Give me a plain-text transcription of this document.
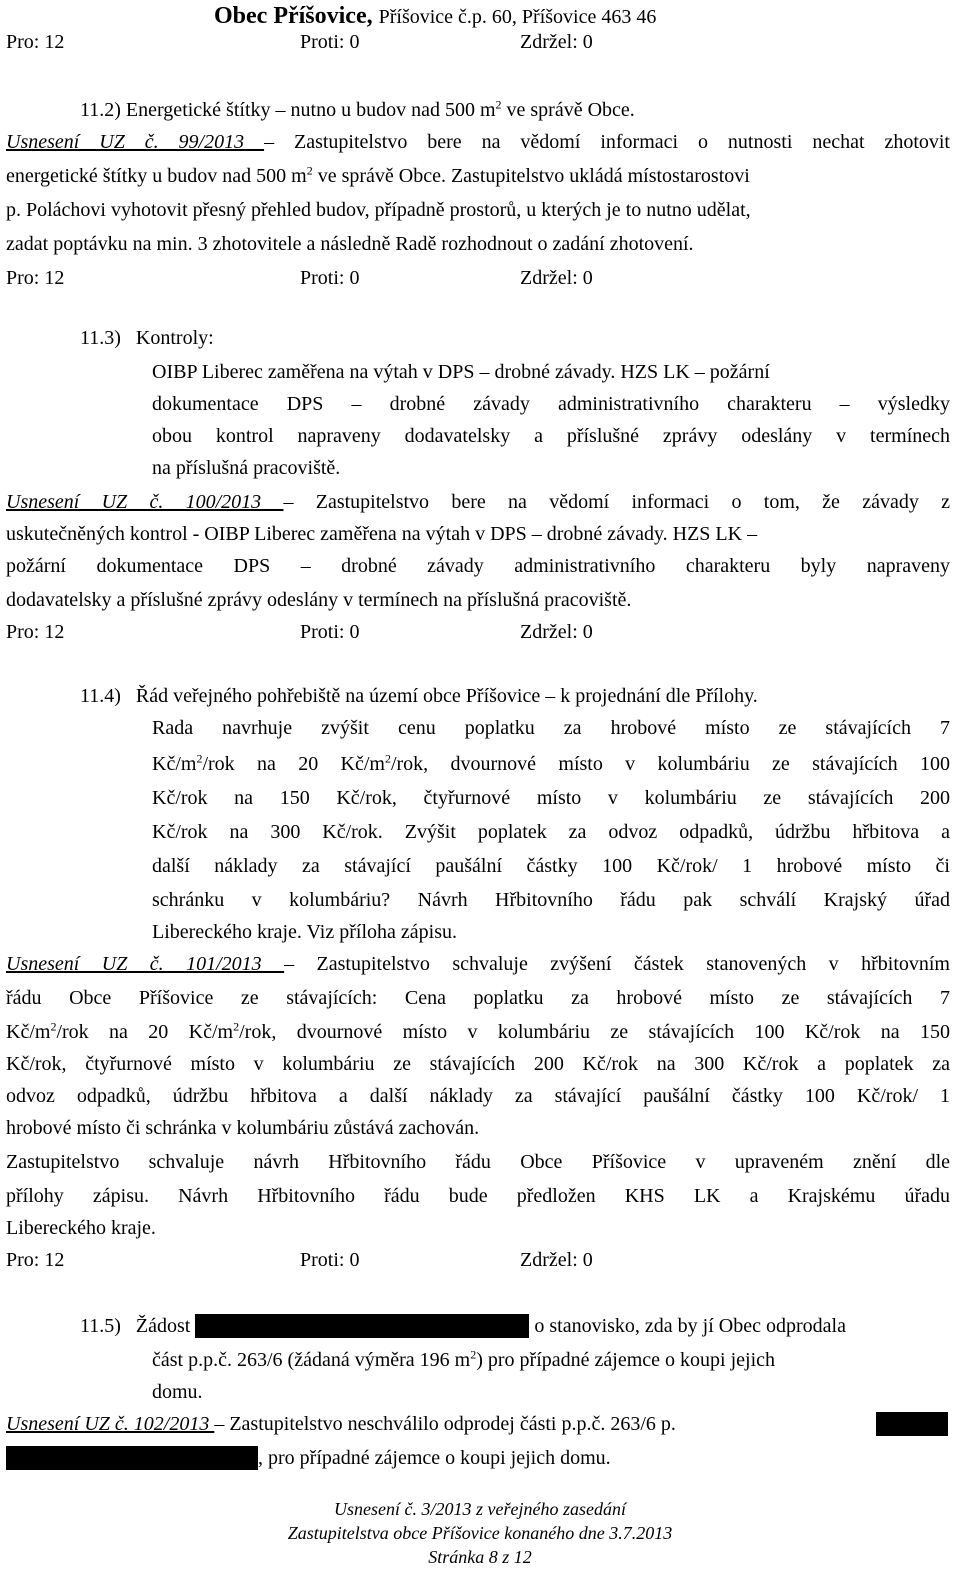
Obec Příšovice, Příšovice č.p. 60, Příšovice 463 46
Pro: 12	Proti: 0	Zdržel: 0
11.2) Energetické štítky – nutno u budov nad 500 $m^2$ ve správě Obce.
Usnesení UZ č. 99/2013 – Zastupitelstvo bere na vědomí informaci o nutnosti nechat zhotovit
energetické štítky u budov nad 500 $m^2$ ve správě Obce. Zastupitelstvo ukládá místostarostovi
p. Poláchovi vyhotovit přesný přehled budov, případně prostorů, u kterých je to nutno udělat,
zadat poptávku na min. 3 zhotovitele a následně Radě rozhodnout o zadání zhotovení.
Pro: 12	Proti: 0	Zdržel: 0
11.3) Kontroly:
OIBP Liberec zaměřena na výtah v DPS – drobné závady. HZS LK – požární
dokumentace DPS – drobné závady administrativního charakteru – výsledky
obou kontrol napraveny dodavatelsky a příslušné zprávy odeslány v termínech
na příslušná pracoviště.
Usnesení UZ č. 100/2013 – Zastupitelstvo bere na vědomí informaci o tom, že závady z
uskutečněných kontrol - OIBP Liberec zaměřena na výtah v DPS – drobné závady. HZS LK –
požární dokumentace DPS – drobné závady administrativního charakteru byly napraveny
dodavatelsky a příslušné zprávy odeslány v termínech na příslušná pracoviště.
Pro: 12	Proti: 0	Zdržel: 0
11.4) Řád veřejného pohřebiště na území obce Příšovice – k projednání dle Přílohy.
Rada navrhuje zvýšit cenu poplatku za hrobové místo ze stávajících 7
$Kč/m^2$/rok na 20 $Kč/m^2$/rok, dvournové místo v kolumbáriu ze stávajících 100
Kč/rok na 150 Kč/rok, čtyřurnové místo v kolumbáriu ze stávajících 200
Kč/rok na 300 Kč/rok. Zvýšit poplatek za odvoz odpadků, údržbu hřbitova a
další náklady za stávající paušální částky 100 Kč/rok/ 1 hrobové místo či
schránku v kolumbáriu? Návrh Hřbitovního řádu pak schválí Krajský úřad
Libereckého kraje. Viz příloha zápisu.
Usnesení UZ č. 101/2013 – Zastupitelstvo schvaluje zvýšení částek stanovených v hřbitovním
řádu Obce Příšovice ze stávajících: Cena poplatku za hrobové místo ze stávajících 7
$Kč/m^2$/rok na 20 $Kč/m^2$/rok, dvournové místo v kolumbáriu ze stávajících 100 Kč/rok na 150
Kč/rok, čtyřurnové místo v kolumbáriu ze stávajících 200 Kč/rok na 300 Kč/rok a poplatek za
odvoz odpadků, údržbu hřbitova a další náklady za stávající paušální částky 100 Kč/rok/ 1
hrobové místo či schránka v kolumbáriu zůstává zachován.
Zastupitelstvo schvaluje návrh Hřbitovního řádu Obce Příšovice v upraveném znění dle
přílohy zápisu. Návrh Hřbitovního řádu bude předložen KHS LK a Krajskému úřadu
Libereckého kraje.
Pro: 12	Proti: 0	Zdržel: 0
11.5) Žádost	o stanovisko, zda by jí Obec odprodala
část p.p.č. 263/6 (žádaná výměra 196 $m^2$) pro případné zájemce o koupi jejich
domu.
Usnesení UZ č. 102/2013 – Zastupitelstvo neschválilo odprodej části p.p.č. 263/6 p.
, pro případné zájemce o koupi jejich domu.
Usnesení č. 3/2013 z veřejného zasedání
Zastupitelstva obce Příšovice konaného dne 3.7.2013
Stránka 8 z 12
